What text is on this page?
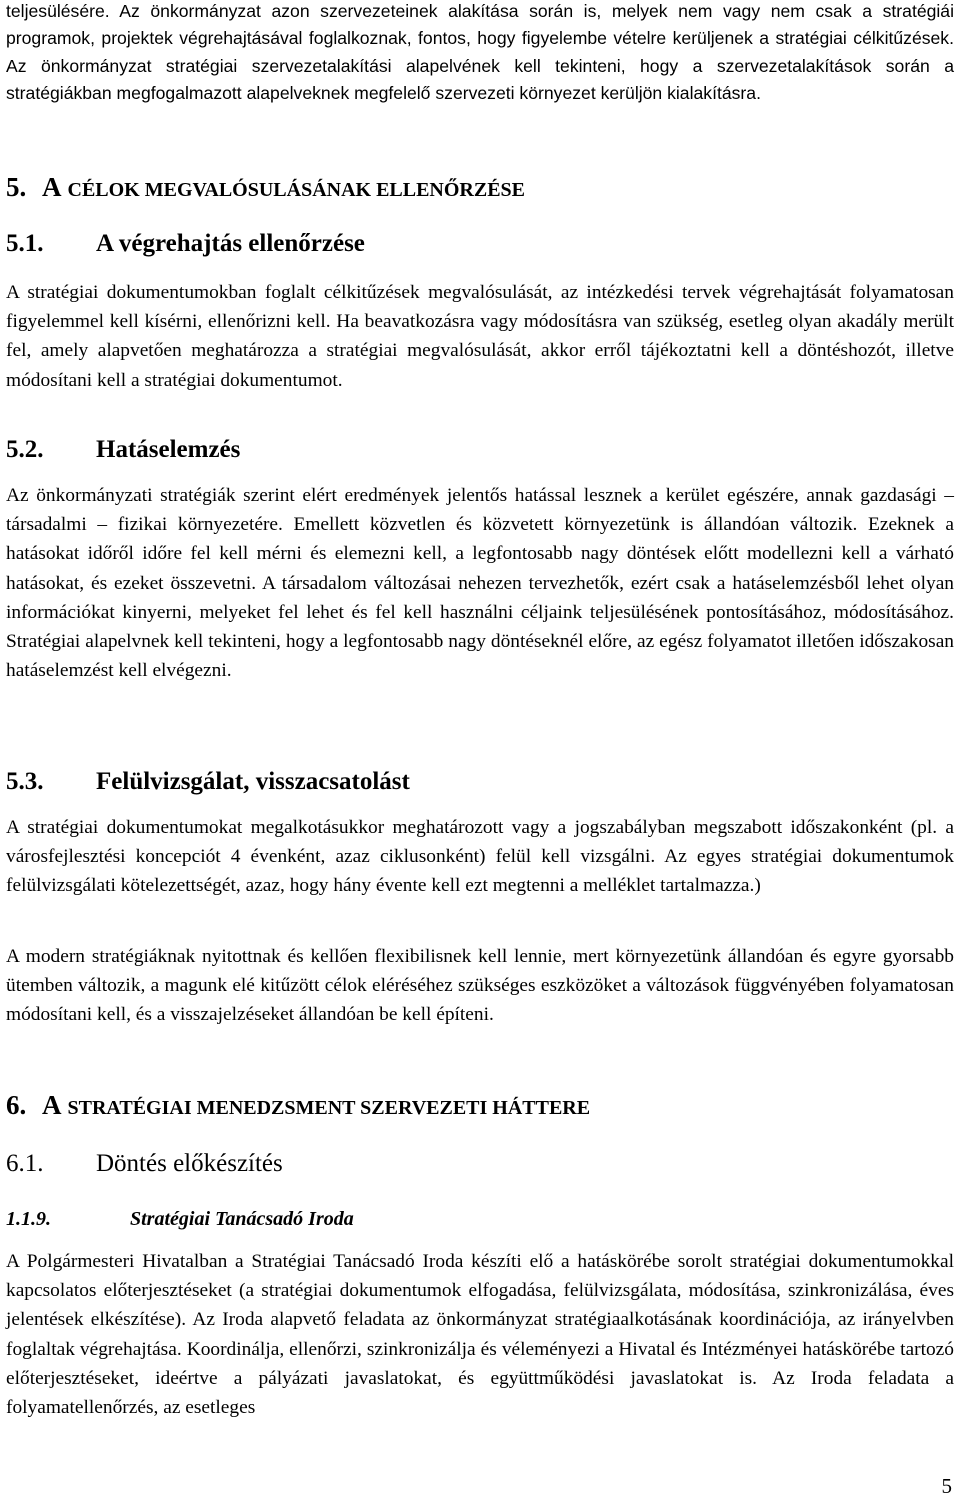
teljesülésére. Az önkormányzat azon szervezeteinek alakítása során is, melyek nem vagy nem csak a stratégiái programok, projektek végrehajtásával foglalkoznak, fontos, hogy figyelembe vételre kerüljenek a stratégiai célkitűzések. Az önkormányzat stratégiai szervezetalakítási alapelvének kell tekinteni, hogy a szervezetalakítások során a stratégiákban megfogalmazott alapelveknek megfelelő szervezeti környezet kerüljön kialakításra.

5. A CÉLOK MEGVALÓSULÁSÁNAK ELLENŐRZÉSE
5.1.	A végrehajtás ellenőrzése

A stratégiai dokumentumokban foglalt célkitűzések megvalósulását, az intézkedési tervek végrehajtását folyamatosan figyelemmel kell kísérni, ellenőrizni kell. Ha beavatkozásra vagy módosításra van szükség, esetleg olyan akadály merült fel, amely alapvetően meghatározza a stratégiai megvalósulását, akkor erről tájékoztatni kell a döntéshozót, illetve módosítani kell a stratégiai dokumentumot.

5.2.	Hatáselemzés

Az önkormányzati stratégiák szerint elért eredmények jelentős hatással lesznek a kerület egészére, annak gazdasági – társadalmi – fizikai környezetére. Emellett közvetlen és közvetett környezetünk is állandóan változik. Ezeknek a hatásokat időről időre fel kell mérni és elemezni kell, a legfontosabb nagy döntések előtt modellezni kell a várható hatásokat, és ezeket összevetni. A társadalom változásai nehezen tervezhetők, ezért csak a hatáselemzésből lehet olyan információkat kinyerni, melyeket fel lehet és fel kell használni céljaink teljesülésének pontosításához, módosításához. Stratégiai alapelvnek kell tekinteni, hogy a legfontosabb nagy döntéseknél előre, az egész folyamatot illetően időszakosan hatáselemzést kell elvégezni.

5.3.	Felülvizsgálat, visszacsatolást

A stratégiai dokumentumokat megalkotásukkor meghatározott vagy a jogszabályban megszabott időszakonként (pl. a városfejlesztési koncepciót 4 évenként, azaz ciklusonként) felül kell vizsgálni. Az egyes stratégiai dokumentumok felülvizsgálati kötelezettségét, azaz, hogy hány évente kell ezt megtenni a melléklet tartalmazza.)

A modern stratégiáknak nyitottnak és kellően flexibilisnek kell lennie, mert környezetünk állandóan és egyre gyorsabb ütemben változik, a magunk elé kitűzött célok eléréséhez szükséges eszközöket a változások függvényében folyamatosan módosítani kell, és a visszajelzéseket állandóan be kell építeni.

6. A STRATÉGIAI MENEDZSMENT SZERVEZETI HÁTTERE
6.1.	Döntés előkészítés
1.1.9.	Stratégiai Tanácsadó Iroda

A Polgármesteri Hivatalban a Stratégiai Tanácsadó Iroda készíti elő a hatáskörébe sorolt stratégiai dokumentumokkal kapcsolatos előterjesztéseket (a stratégiai dokumentumok elfogadása, felülvizsgálata, módosítása, szinkronizálása, éves jelentések elkészítése). Az Iroda alapvető feladata az önkormányzat stratégiaalkotásának koordinációja, az irányelvben foglaltak végrehajtása. Koordinálja, ellenőrzi, szinkronizálja és véleményezi a Hivatal és Intézményei hatáskörébe tartozó előterjesztéseket, ideértve a pályázati javaslatokat, és együttműködési javaslatokat is. Az Iroda feladata a folyamatellenőrzés, az esetleges

5
